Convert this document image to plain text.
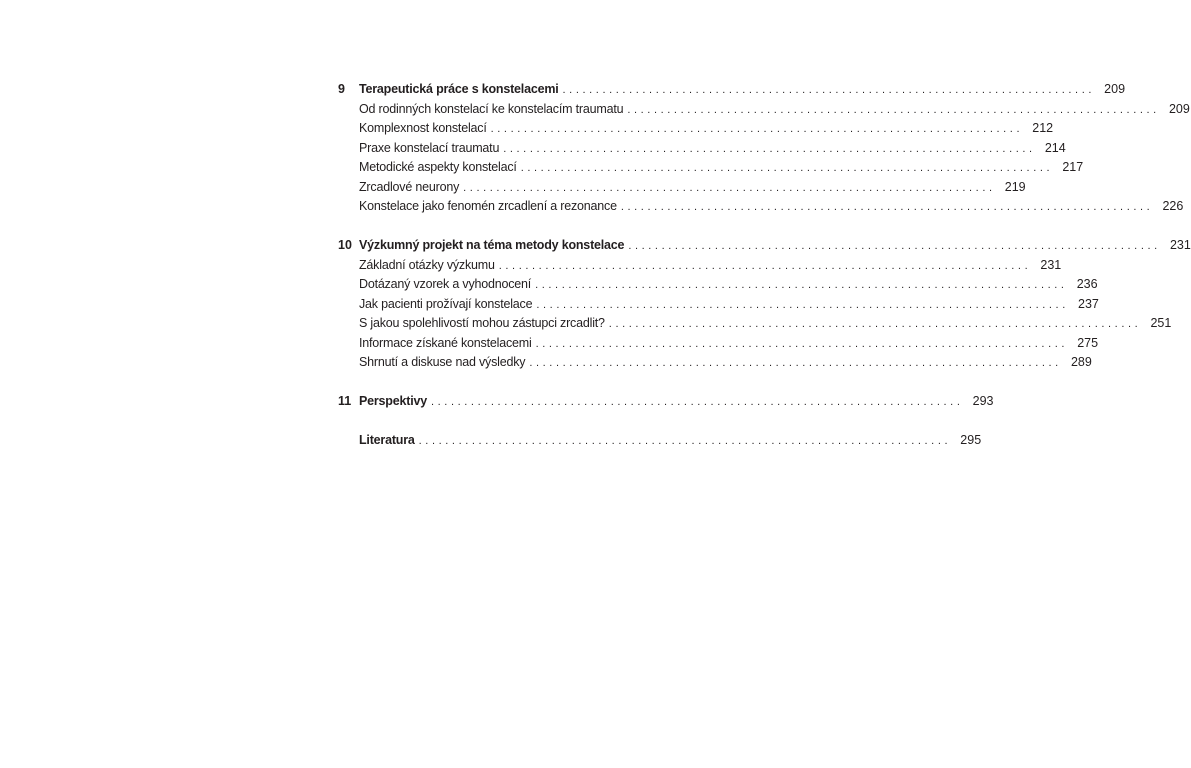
9	Terapeutická práce s konstelacemi ................................................................................ 209
Od rodinných konstelací ke konstelacím traumatu ................................................................................ 209
Komplexnost konstelací ................................................................................ 212
Praxe konstelací traumatu ................................................................................ 214
Metodické aspekty konstelací ................................................................................ 217
Zrcadlové neurony ................................................................................ 219
Konstelace jako fenomén zrcadlení a rezonance ................................................................................ 226
10 Výzkumný projekt na téma metody konstelace ................................................................................ 231
Základní otázky výzkumu ................................................................................ 231
Dotázaný vzorek a vyhodnocení ................................................................................ 236
Jak pacienti prožívají konstelace ................................................................................ 237
S jakou spolehlivostí mohou zástupci zrcadlit? ................................................................................ 251
Informace získané konstelacemi ................................................................................ 275
Shrnutí a diskuse nad výsledky ................................................................................ 289
11 Perspektivy ................................................................................ 293
Literatura ................................................................................ 295
